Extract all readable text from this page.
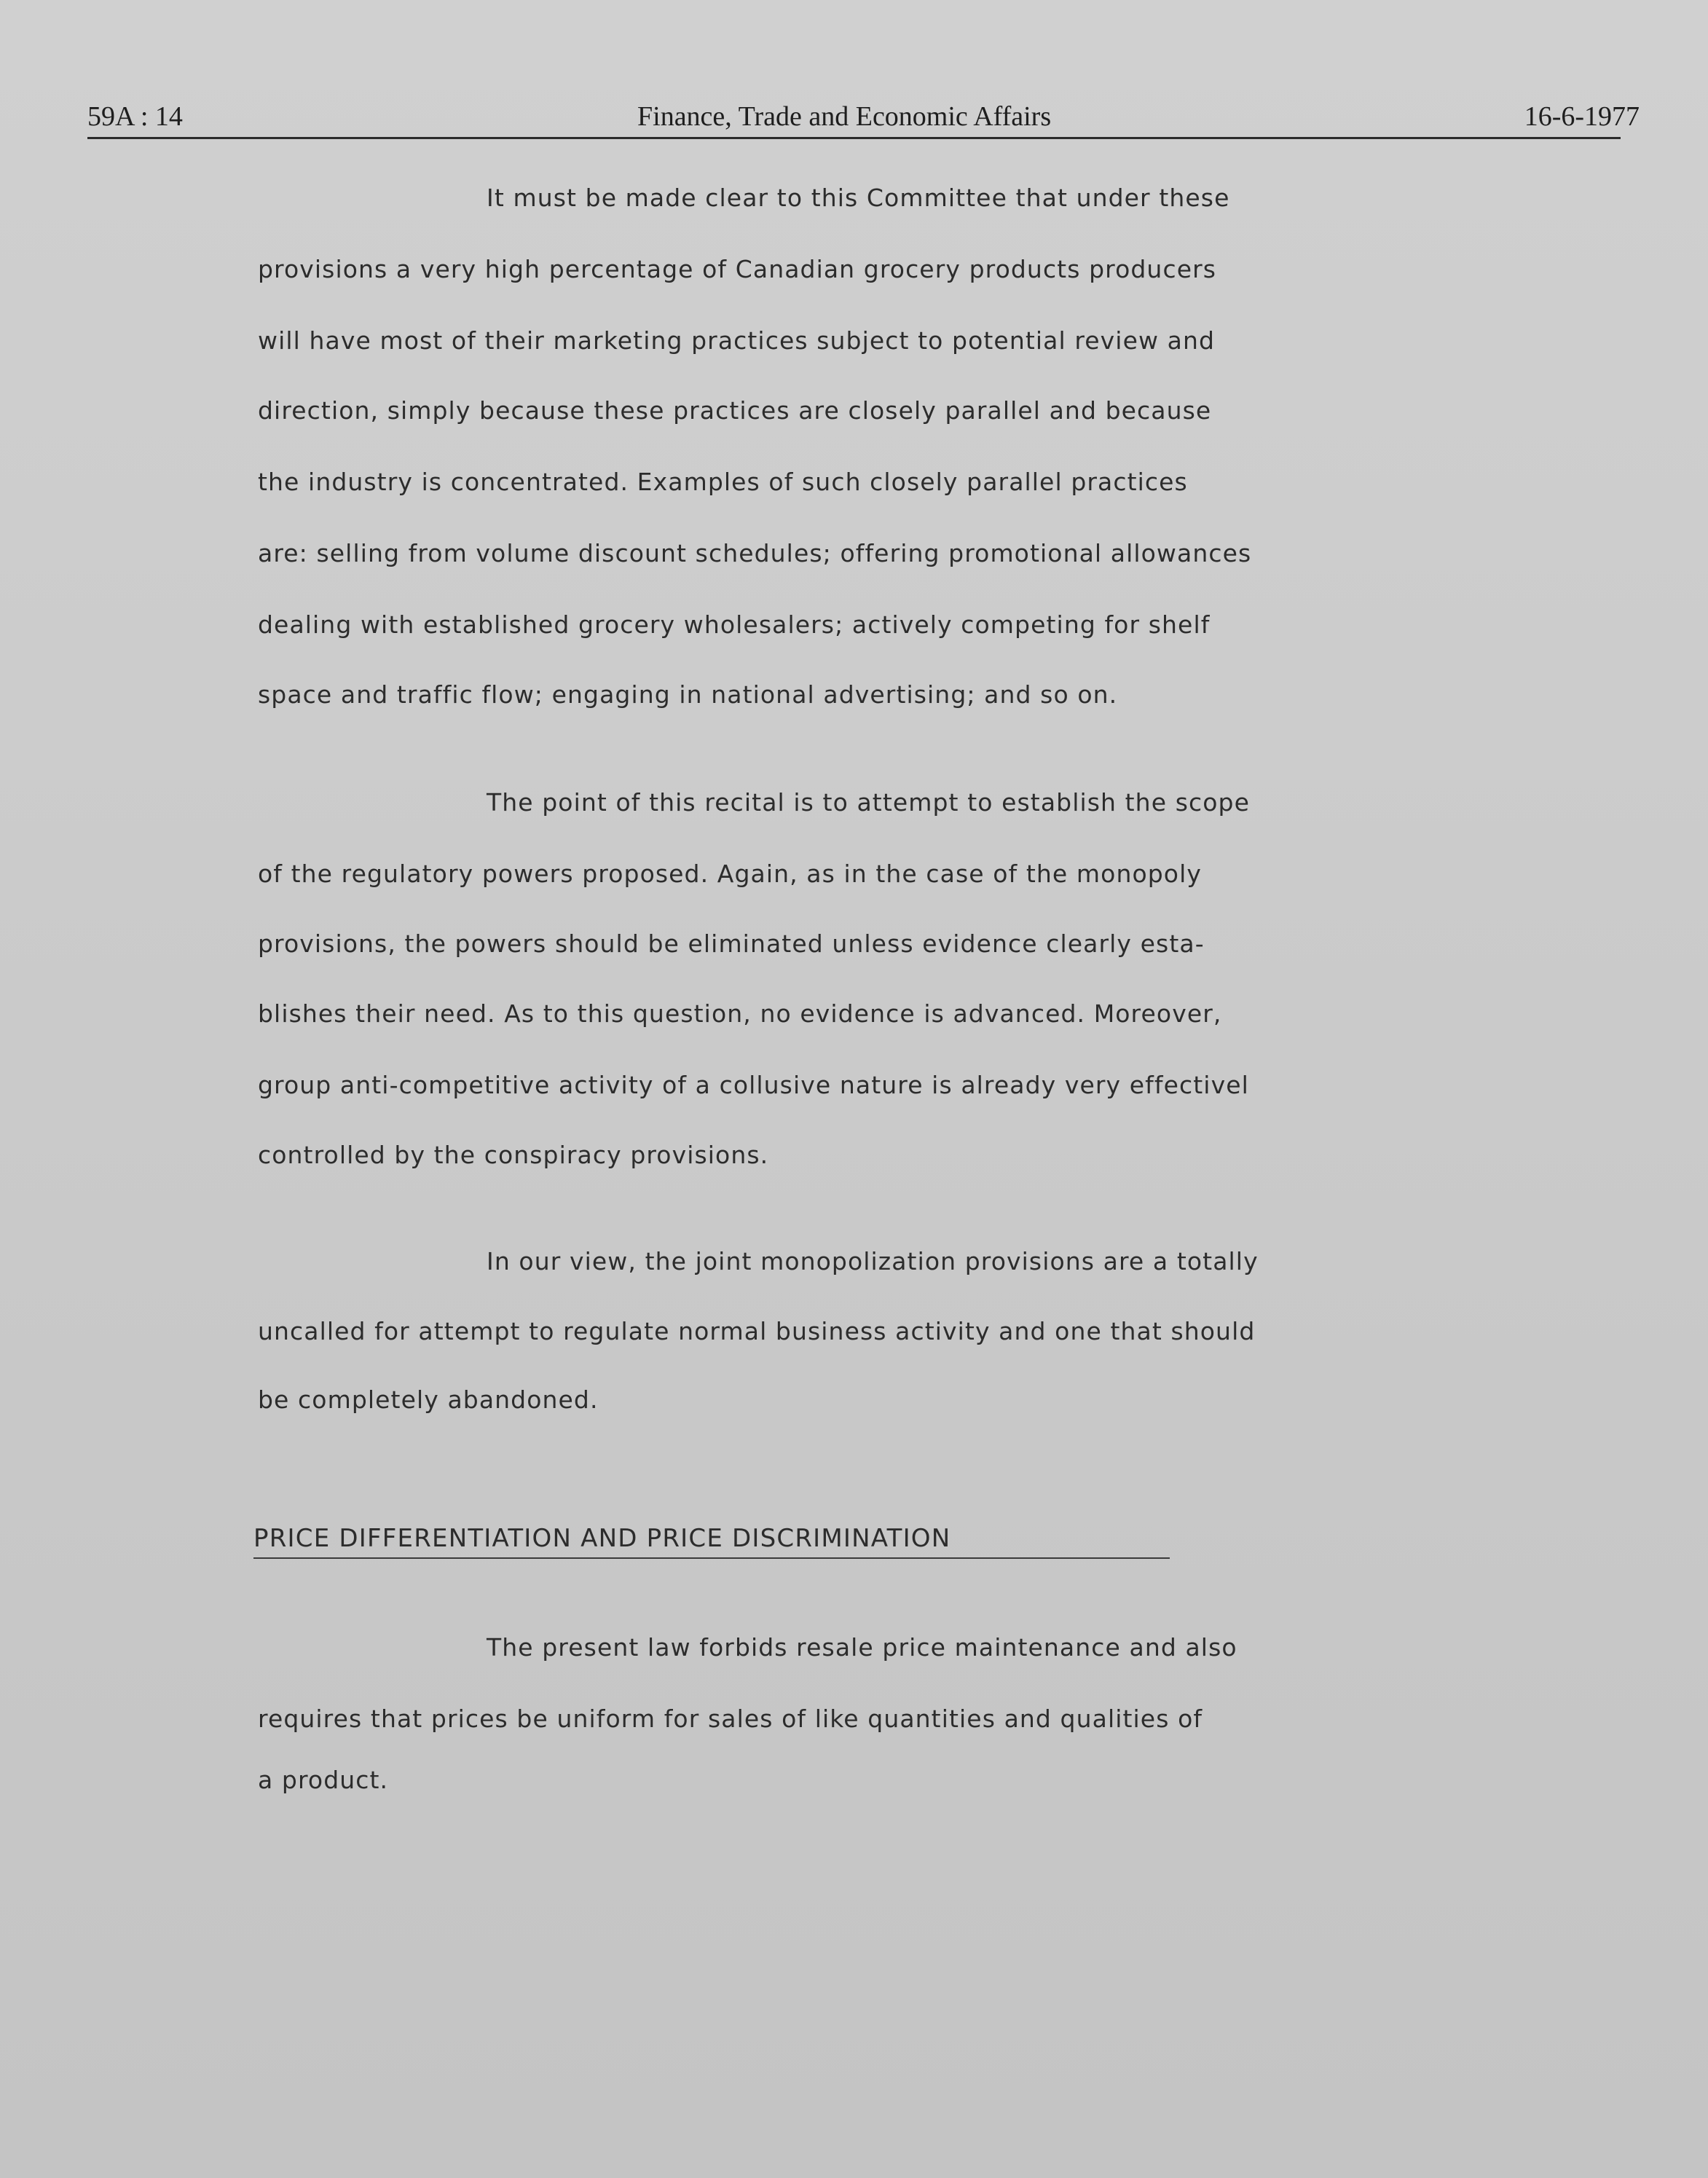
59A : 14	Finance, Trade and Economic Affairs	16-6-1977
It must be made clear to this Committee that under these
provisions a very high percentage of Canadian grocery products producers
will have most of their marketing practices subject to potential review and
direction, simply because these practices are closely parallel and because
the industry is concentrated. Examples of such closely parallel practices
are: selling from volume discount schedules; offering promotional allowances
dealing with established grocery wholesalers; actively competing for shelf
space and traffic flow; engaging in national advertising; and so on.
The point of this recital is to attempt to establish the scope
of the regulatory powers proposed. Again, as in the case of the monopoly
provisions, the powers should be eliminated unless evidence clearly esta-
blishes their need. As to this question, no evidence is advanced. Moreover,
group anti-competitive activity of a collusive nature is already very effectivel
controlled by the conspiracy provisions.
In our view, the joint monopolization provisions are a totally
uncalled for attempt to regulate normal business activity and one that should
be completely abandoned.
PRICE DIFFERENTIATION AND PRICE DISCRIMINATION
The present law forbids resale price maintenance and also
requires that prices be uniform for sales of like quantities and qualities of
a product.
